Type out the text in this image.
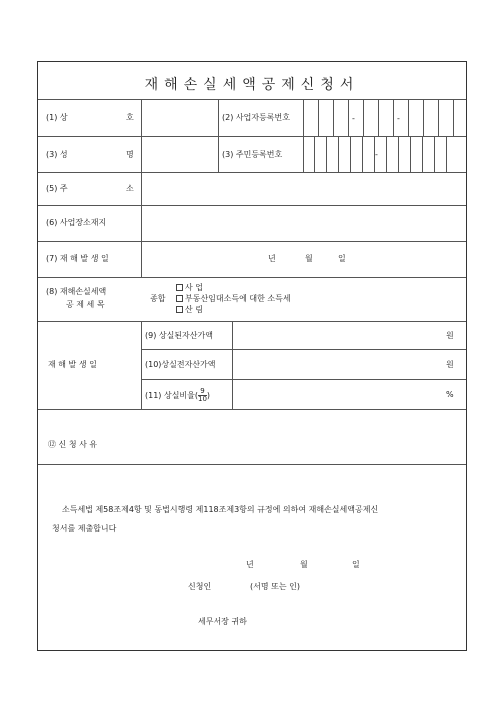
재해손실세액공제신청서
-	-
-
(1) 상	호	(2) 사업자등록번호
(3) 성	명	(3) 주민등록번호
(5) 주	소
(6) 사업장소재지
(7) 재 해 발 생 일	년	월	일
(8) 재해손실세액
공 제 세 목
종합
사 업
부동산임대소득에 대한 소득세
산 림
재 해 발 생 일
(9) 상실된자산가액	원
(10)상실전자산가액	원
(11) 상실비율( $\frac{9}{10}$ )	%
⑫ 신 청 사 유
소득세법 제58조제4항 및 동법시행령 제118조제3항의 규정에 의하여 재해손실세액공제신
청서를 제출합니다
년	월	일
신청인	(서명 또는 인)
세무서장 귀하
